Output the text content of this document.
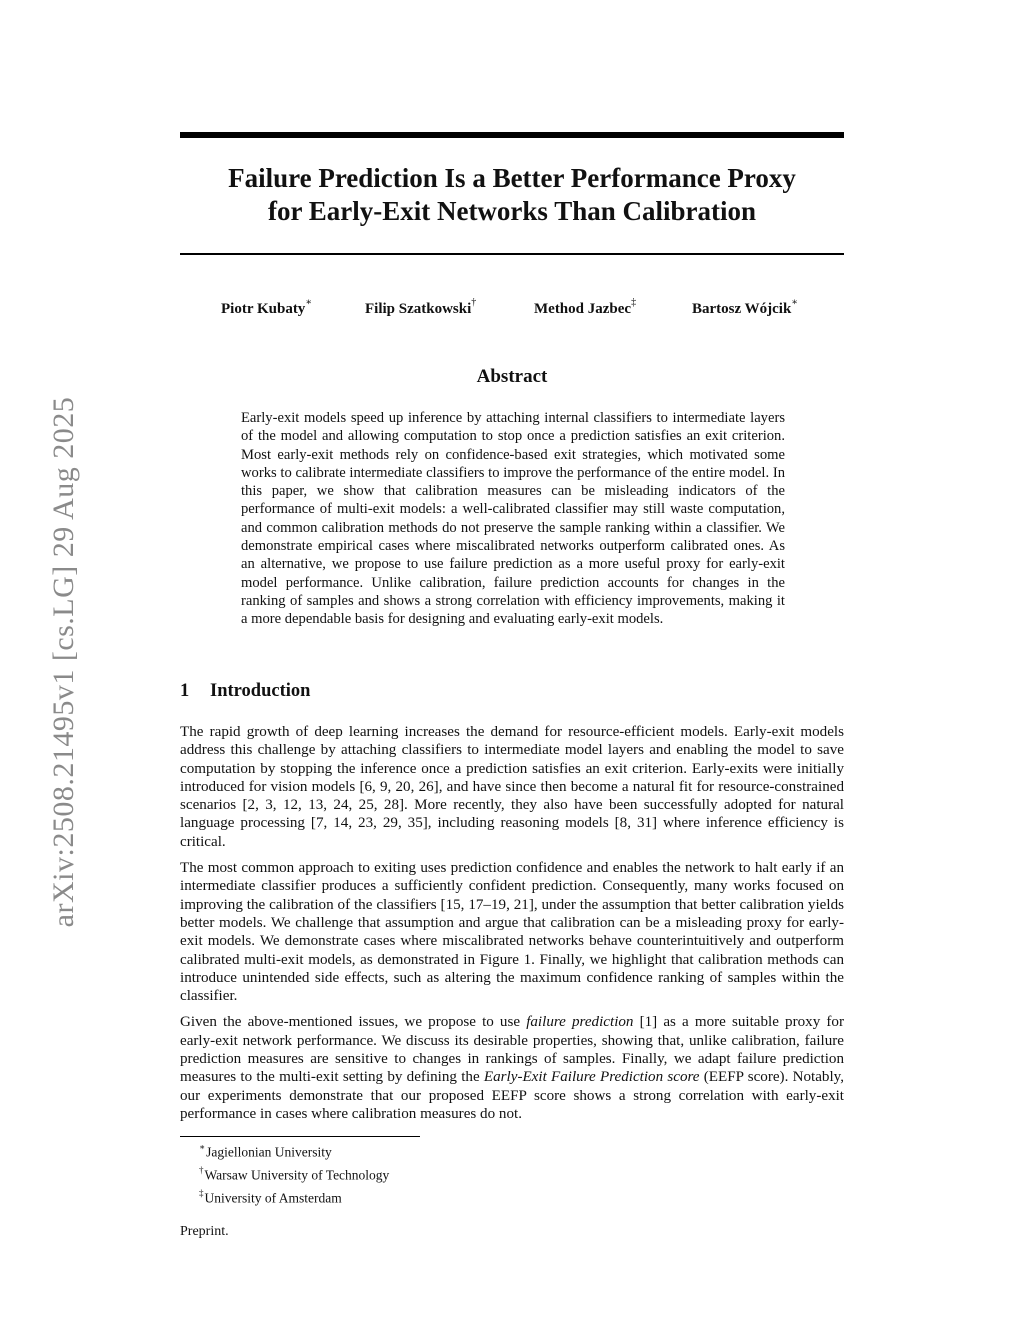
arXiv:2508.21495v1 [cs.LG] 29 Aug 2025
Failure Prediction Is a Better Performance Proxy
for Early-Exit Networks Than Calibration
Piotr Kubaty∗	Filip Szatkowski†	Method Jazbec‡	Bartosz Wójcik∗
Abstract
Early-exit models speed up inference by attaching internal classifiers to intermediate layers of the model and allowing computation to stop once a prediction satisfies an exit criterion. Most early-exit methods rely on confidence-based exit strategies, which motivated some works to calibrate intermediate classifiers to improve the performance of the entire model. In this paper, we show that calibration measures can be misleading indicators of the performance of multi-exit models: a well-calibrated classifier may still waste computation, and common calibration methods do not preserve the sample ranking within a classifier. We demonstrate empirical cases where miscalibrated networks outperform calibrated ones. As an alternative, we propose to use failure prediction as a more useful proxy for early-exit model performance. Unlike calibration, failure prediction accounts for changes in the ranking of samples and shows a strong correlation with efficiency improvements, making it a more dependable basis for designing and evaluating early-exit models.
1 Introduction

The rapid growth of deep learning increases the demand for resource-efficient models. Early-exit models address this challenge by attaching classifiers to intermediate model layers and enabling the model to save computation by stopping the inference once a prediction satisfies an exit criterion. Early-exits were initially introduced for vision models [6, 9, 20, 26], and have since then become a natural fit for resource-constrained scenarios [2, 3, 12, 13, 24, 25, 28]. More recently, they also have been successfully adopted for natural language processing [7, 14, 23, 29, 35], including reasoning models [8, 31] where inference efficiency is critical.

The most common approach to exiting uses prediction confidence and enables the network to halt early if an intermediate classifier produces a sufficiently confident prediction. Consequently, many works focused on improving the calibration of the classifiers [15, 17–19, 21], under the assumption that better calibration yields better models. We challenge that assumption and argue that calibration can be a misleading proxy for early-exit models. We demonstrate cases where miscalibrated networks behave counterintuitively and outperform calibrated multi-exit models, as demonstrated in Figure 1. Finally, we highlight that calibration methods can introduce unintended side effects, such as altering the maximum confidence ranking of samples within the classifier.

Given the above-mentioned issues, we propose to use failure prediction [1] as a more suitable proxy for early-exit network performance. We discuss its desirable properties, showing that, unlike calibration, failure prediction measures are sensitive to changes in rankings of samples. Finally, we adapt failure prediction measures to the multi-exit setting by defining the Early-Exit Failure Prediction score (EEFP score). Notably, our experiments demonstrate that our proposed EEFP score shows a strong correlation with early-exit performance in cases where calibration measures do not.

∗Jagiellonian University
†Warsaw University of Technology
‡University of Amsterdam
Preprint.
